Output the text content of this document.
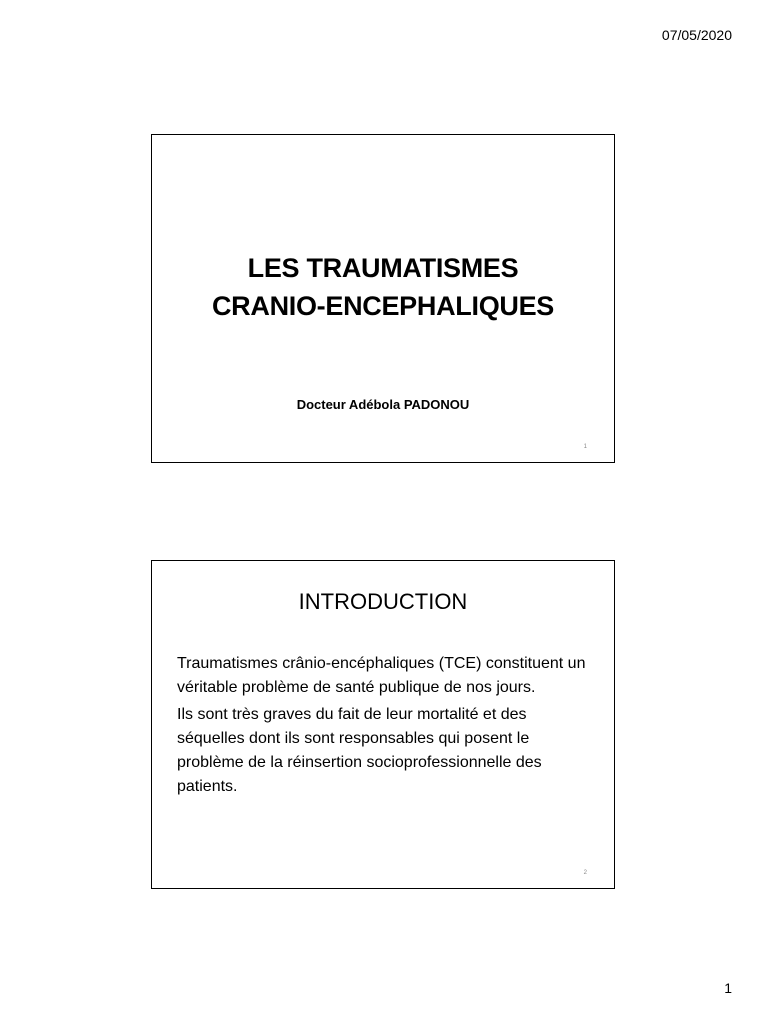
07/05/2020
LES TRAUMATISMES
CRANIO-ENCEPHALIQUES
Docteur Adébola PADONOU
1
INTRODUCTION

Traumatismes crânio-encéphaliques (TCE) constituent un véritable problème de santé publique de nos jours.

Ils sont très graves du fait de leur mortalité et des séquelles dont ils sont responsables qui posent le problème de la réinsertion socioprofessionnelle des patients.

2
1
